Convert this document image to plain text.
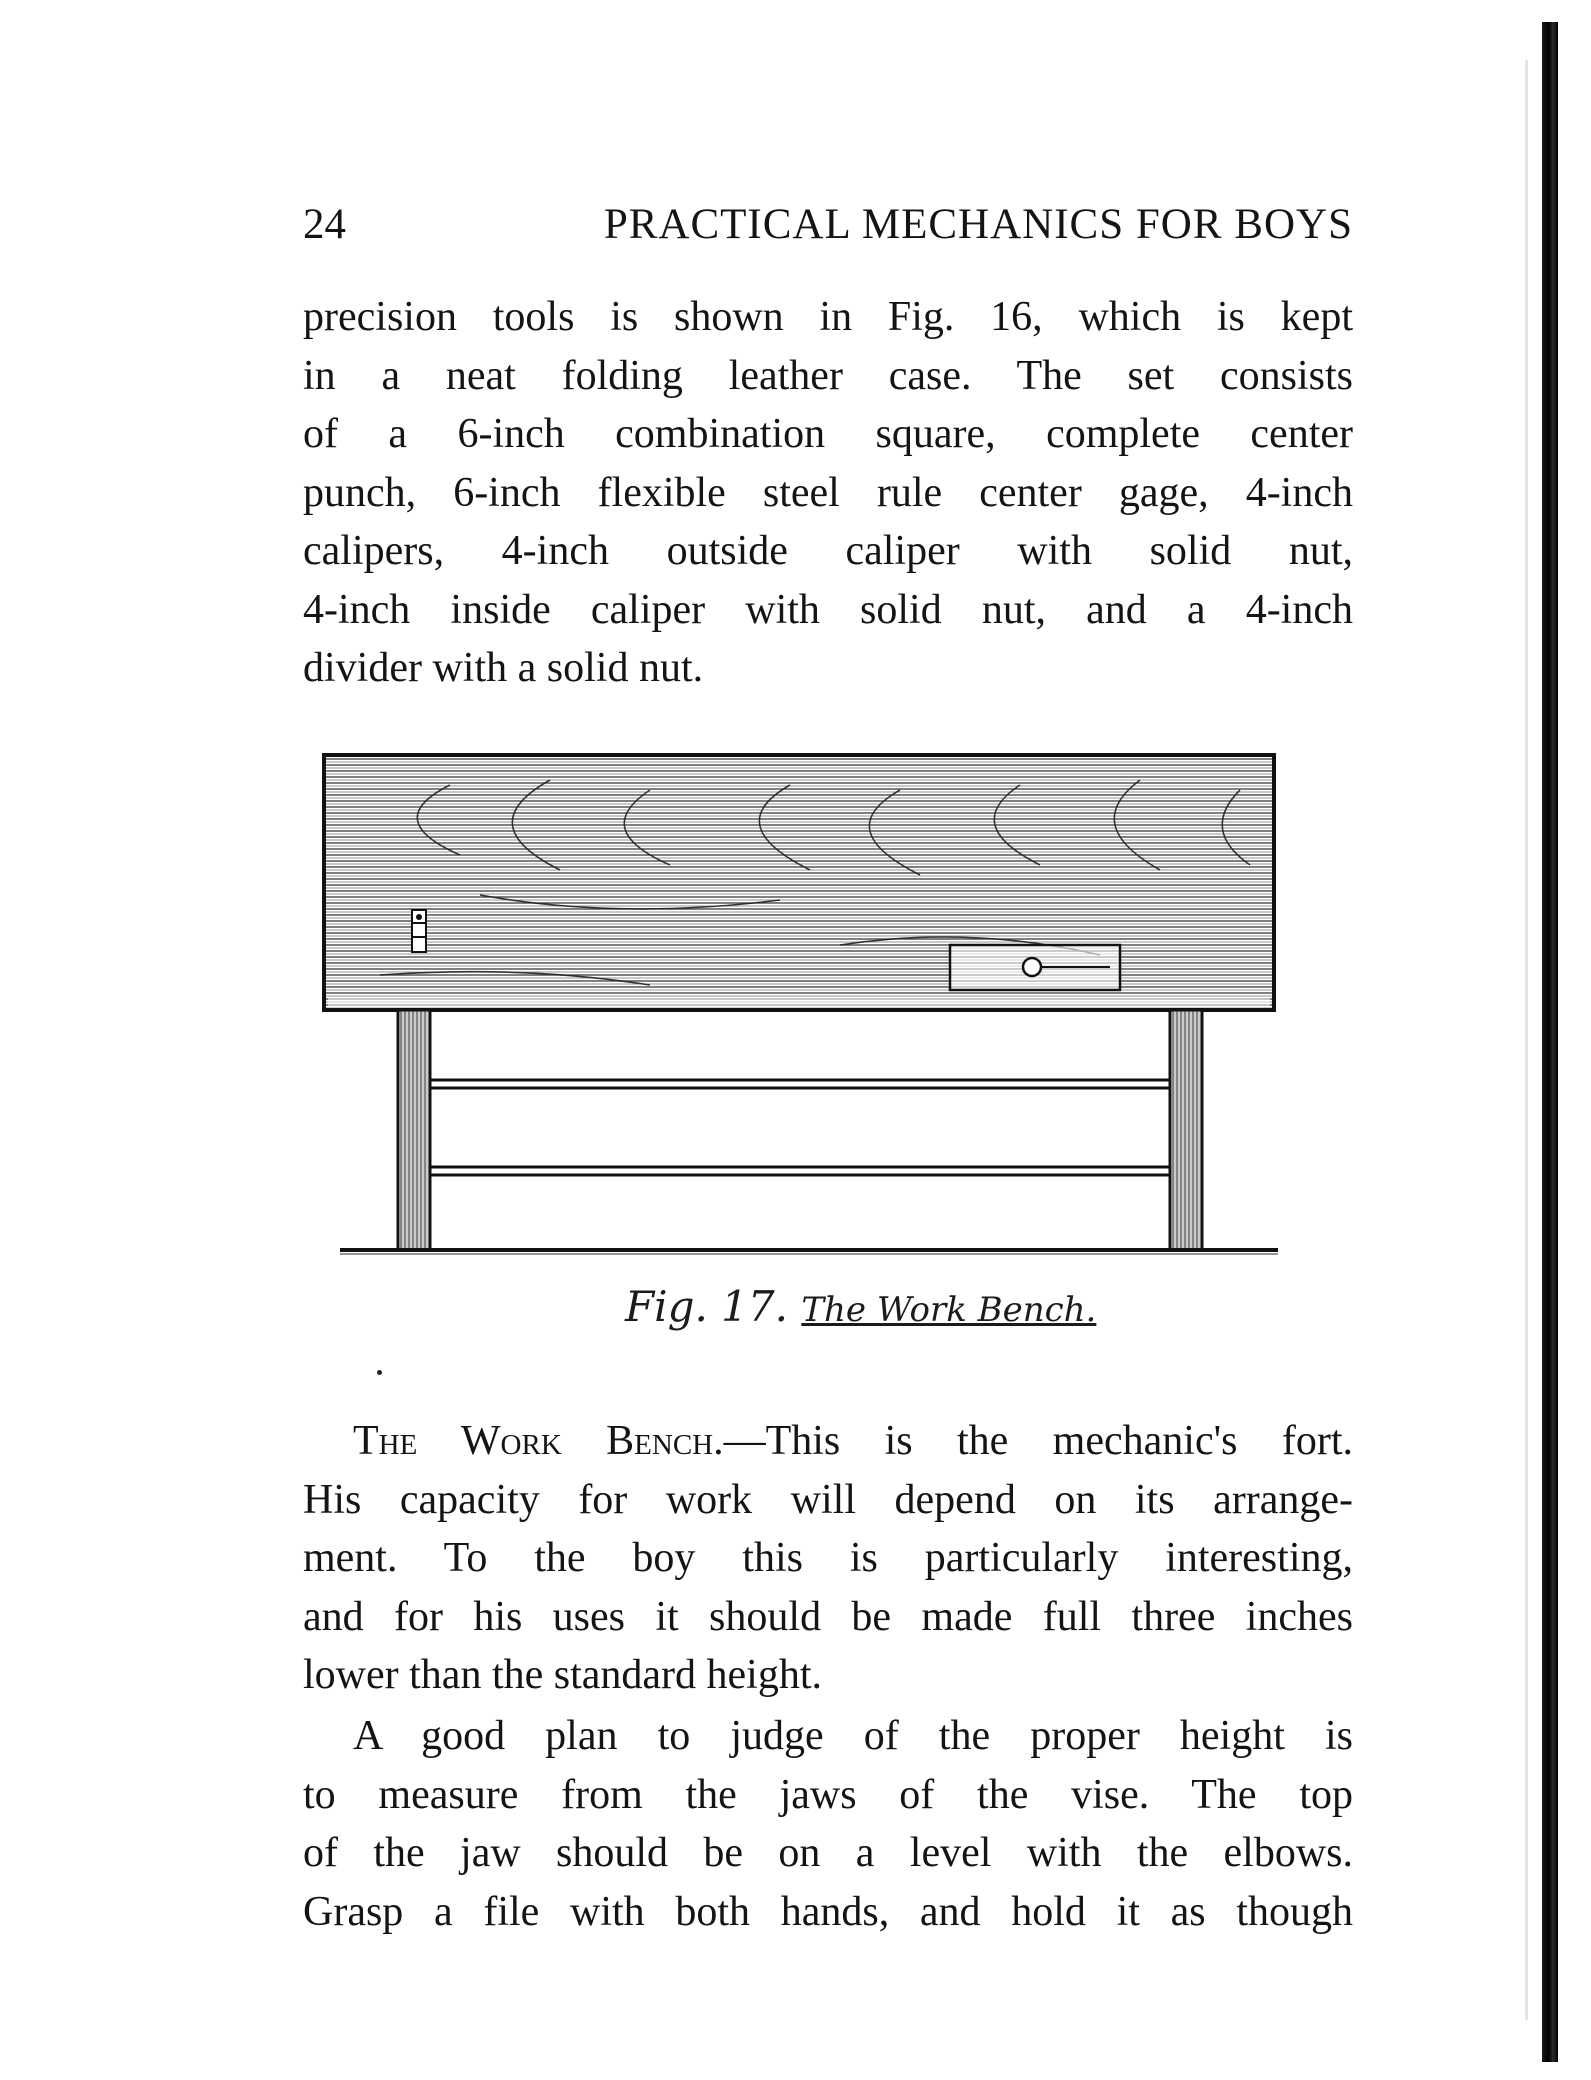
24	PRACTICAL MECHANICS FOR BOYS
precision tools is shown in Fig. 16, which is kept
in a neat folding leather case. The set consists
of a 6-inch combination square, complete center
punch, 6-inch flexible steel rule center gage, 4-inch
calipers, 4-inch outside caliper with solid nut,
4-inch inside caliper with solid nut, and a 4-inch
divider with a solid nut.
Fig. 17. The Work Bench.
The Work Bench.—This is the mechanic's fort.
His capacity for work will depend on its arrange-
ment. To the boy this is particularly interesting,
and for his uses it should be made full three inches
lower than the standard height.
A good plan to judge of the proper height is
to measure from the jaws of the vise. The top
of the jaw should be on a level with the elbows.
Grasp a file with both hands, and hold it as though
